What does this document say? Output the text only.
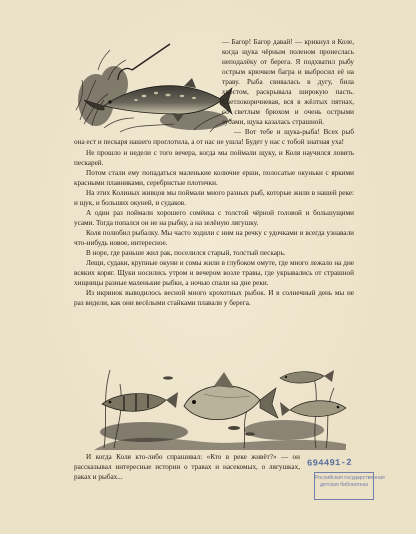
— Багор! Багор давай! — крикнул я Коле, когда щука чёрным поленом пронеслась неподалёку от берега. Я подхватил рыбу острым крючком багра и выбросил её на траву. Рыба свивалась в дугу, била хвостом, раскрывала широкую пасть. Светлокоричневая, вся в жёлтых пятнах, со светлым брюхом и очень острыми зубами, щука казалась страшной.

— Вот тебе и щука-рыба! Всех рыб она ест и пескаря нашего проглотила, а от нас не ушла! Будет у нас с тобой знатная уха!

Не прошло и недели с того вечера, когда мы поймали щуку, и Коля научился ловить пескарей.

Потом стали ему попадаться маленькие колючие ерши, полосатые окуньки с яркими красными плавниками, серебристые плотички.

На этих Колиных живцов мы поймали много разных рыб, которые жили в нашей реке: и щук, и больших окуней, и судаков.

А один раз поймали хорошего сомёнка с толстой чёрной головой и большущими усами. Тогда попался он не на рыбку, а на зелёную лягушку.

Коля полюбил рыбалку. Мы часто ходили с ним на речку с удочками и всегда узнавали что-нибудь новое, интересное.

В норе, где раньше жил рак, поселился старый, толстый пескарь.

Лещи, судаки, крупные окуни и сомы жили в глубоком омуте, где много лежало на дне всяких коряг. Щуки носились утром и вечером возле травы, где укрывались от страшной хищницы разные маленькие рыбки, а ночью спали на дне реки.

Из икринок выводилось весной много крохотных рыбок. И в солнечный день мы не раз видели, как они весёлыми стайками плавали у берега.

И когда Коля кто-либо спрашивал: «Кто в реке живёт?» — он рассказывал интересные истории о травах и насекомых, о лягушках, раках и рыбах...

694491-2
Российская государственная
детская библиотека
